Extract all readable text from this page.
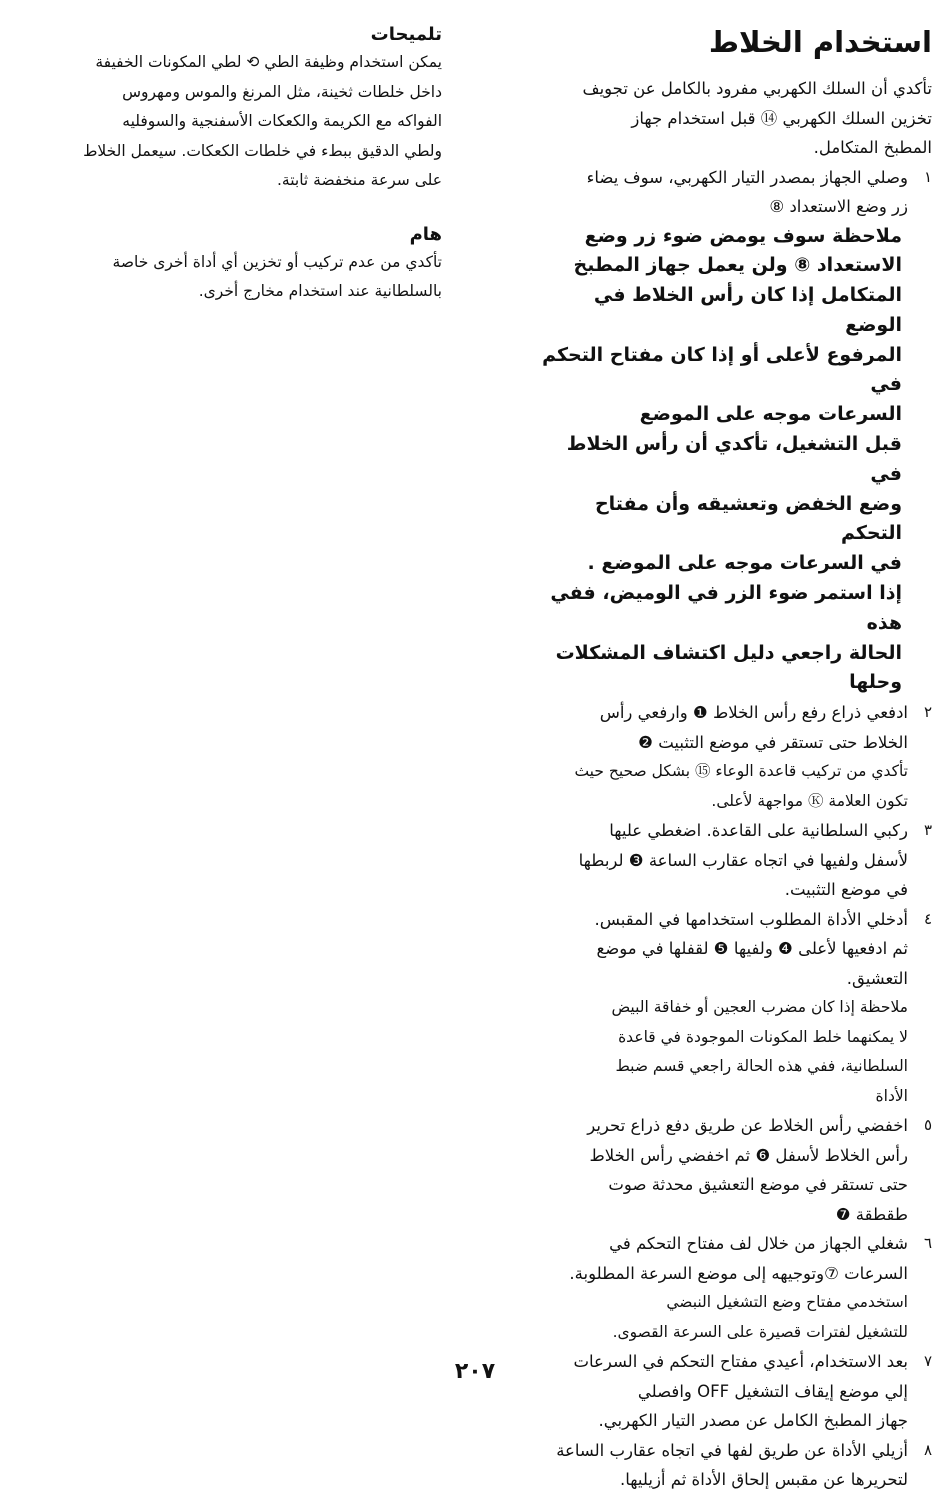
استخدام الخلاط

تأكدي أن السلك الكهربي مفرود بالكامل عن تجويف
تخزين السلك الكهربي ⑭ قبل استخدام جهاز
المطبخ المتكامل.

١
وصلي الجهاز بمصدر التيار الكهربي، سوف يضاء
زر وضع الاستعداد ⑧
ملاحظة سوف يومض ضوء زر وضع
الاستعداد ⑧ ولن يعمل جهاز المطبخ
المتكامل إذا كان رأس الخلاط في الوضع
المرفوع لأعلى أو إذا كان مفتاح التحكم في
السرعات موجه على الموضع
قبل التشغيل، تأكدي أن رأس الخلاط في
وضع الخفض وتعشيقه وأن مفتاح التحكم
في السرعات موجه على الموضع .
إذا استمر ضوء الزر في الوميض، ففي هذه
الحالة راجعي دليل اكتشاف المشكلات
وحلها
٢
ادفعي ذراع رفع رأس الخلاط ❶ وارفعي رأس
الخلاط حتى تستقر في موضع التثبيت ❷
تأكدي من تركيب قاعدة الوعاء ⑮ بشكل صحيح حيث
تكون العلامة Ⓚ مواجهة لأعلى.
٣
ركبي السلطانية على القاعدة. اضغطي عليها
لأسفل ولفيها في اتجاه عقارب الساعة ❸ لربطها
في موضع التثبيت.
٤
أدخلي الأداة المطلوب استخدامها في المقبس.
ثم ادفعيها لأعلى ❹ ولفيها ❺ لقفلها في موضع
التعشيق.
ملاحظة إذا كان مضرب العجين أو خفاقة البيض
لا يمكنهما خلط المكونات الموجودة في قاعدة
السلطانية، ففي هذه الحالة راجعي قسم ضبط
الأداة
٥
اخفضي رأس الخلاط عن طريق دفع ذراع تحرير
رأس الخلاط لأسفل ❻ ثم اخفضي رأس الخلاط
حتى تستقر في موضع التعشيق محدثة صوت
طقطقة ❼
٦
شغلي الجهاز من خلال لف مفتاح التحكم في
السرعات ⑦وتوجيهه إلى موضع السرعة المطلوبة.
استخدمي مفتاح وضع التشغيل النبضي
للتشغيل لفترات قصيرة على السرعة القصوى.
٧
بعد الاستخدام، أعيدي مفتاح التحكم في السرعات
إلي موضع إيقاف التشغيل OFF وافصلي
جهاز المطبخ الكامل عن مصدر التيار الكهربي.
٨
أزيلي الأداة عن طريق لفها في اتجاه عقارب الساعة
لتحريرها عن مقبس إلحاق الأداة ثم أزيليها.
تلميحات

يمكن استخدام وظيفة الطي ⟲ لطي المكونات الخفيفة
داخل خلطات ثخينة، مثل المرنغ والموس ومهروس
الفواكه مع الكريمة والكعكات الأسفنجية والسوفليه
ولطي الدقيق ببطء في خلطات الكعكات. سيعمل الخلاط
على سرعة منخفضة ثابتة.

هام

تأكدي من عدم تركيب أو تخزين أي أداة أخرى خاصة
بالسلطانية عند استخدام مخارج أخرى.

٢٠٧
